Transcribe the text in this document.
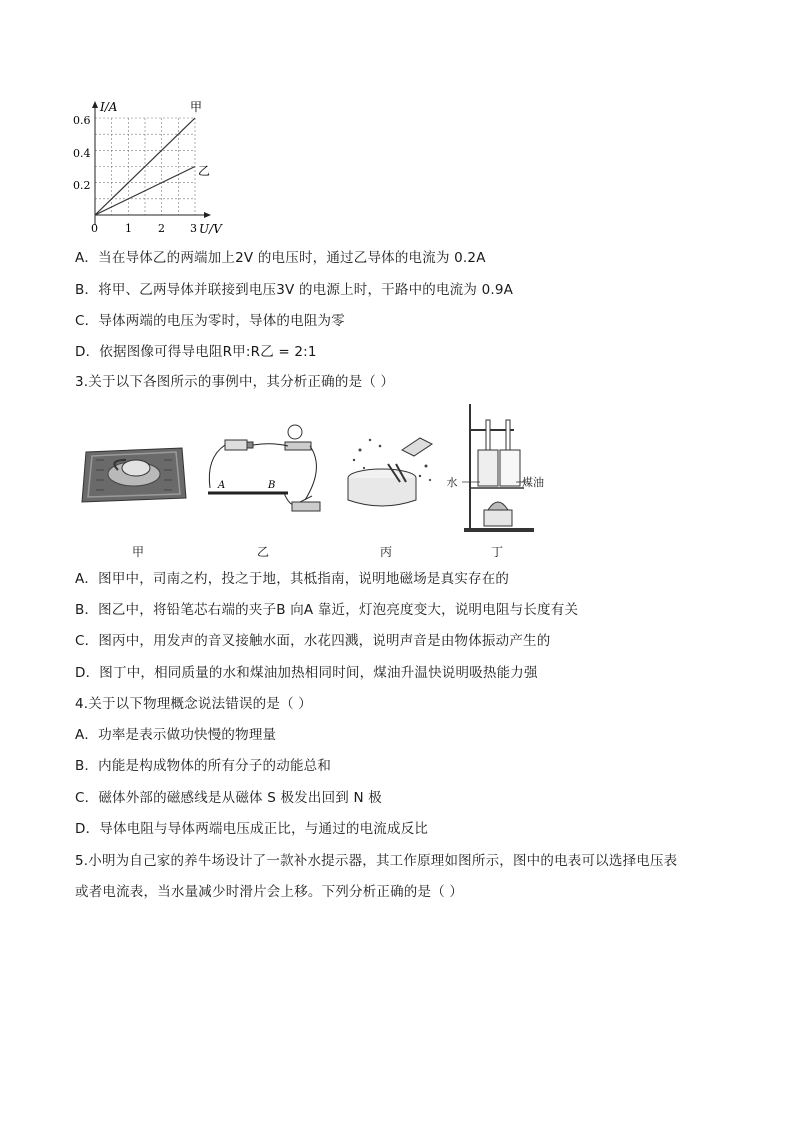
I/A
U/V
0.6
0.4
0.2
0 1 2 3
甲
乙
A．当在导体乙的两端加上2V 的电压时，通过乙导体的电流为 0.2A
B．将甲、乙两导体并联接到电压3V 的电源上时，干路中的电流为 0.9A
C．导体两端的电压为零时，导体的电阻为零
D．依据图像可得导电阻R甲:R乙 = 2:1
3.关于以下各图所示的事例中，其分析正确的是（ ）
A	B	水	煤油
甲	乙	丙	丁
A．图甲中，司南之杓，投之于地，其柢指南，说明地磁场是真实存在的
B．图乙中，将铅笔芯右端的夹子B 向A 靠近，灯泡亮度变大，说明电阻与长度有关
C．图丙中，用发声的音叉接触水面，水花四溅，说明声音是由物体振动产生的
D．图丁中，相同质量的水和煤油加热相同时间，煤油升温快说明吸热能力强
4.关于以下物理概念说法错误的是（ ）
A．功率是表示做功快慢的物理量
B．内能是构成物体的所有分子的动能总和
C．磁体外部的磁感线是从磁体 S 极发出回到 N 极
D．导体电阻与导体两端电压成正比，与通过的电流成反比
5.小明为自己家的养牛场设计了一款补水提示器，其工作原理如图所示，图中的电表可以选择电压表
或者电流表，当水量减少时滑片会上移。下列分析正确的是（ ）
